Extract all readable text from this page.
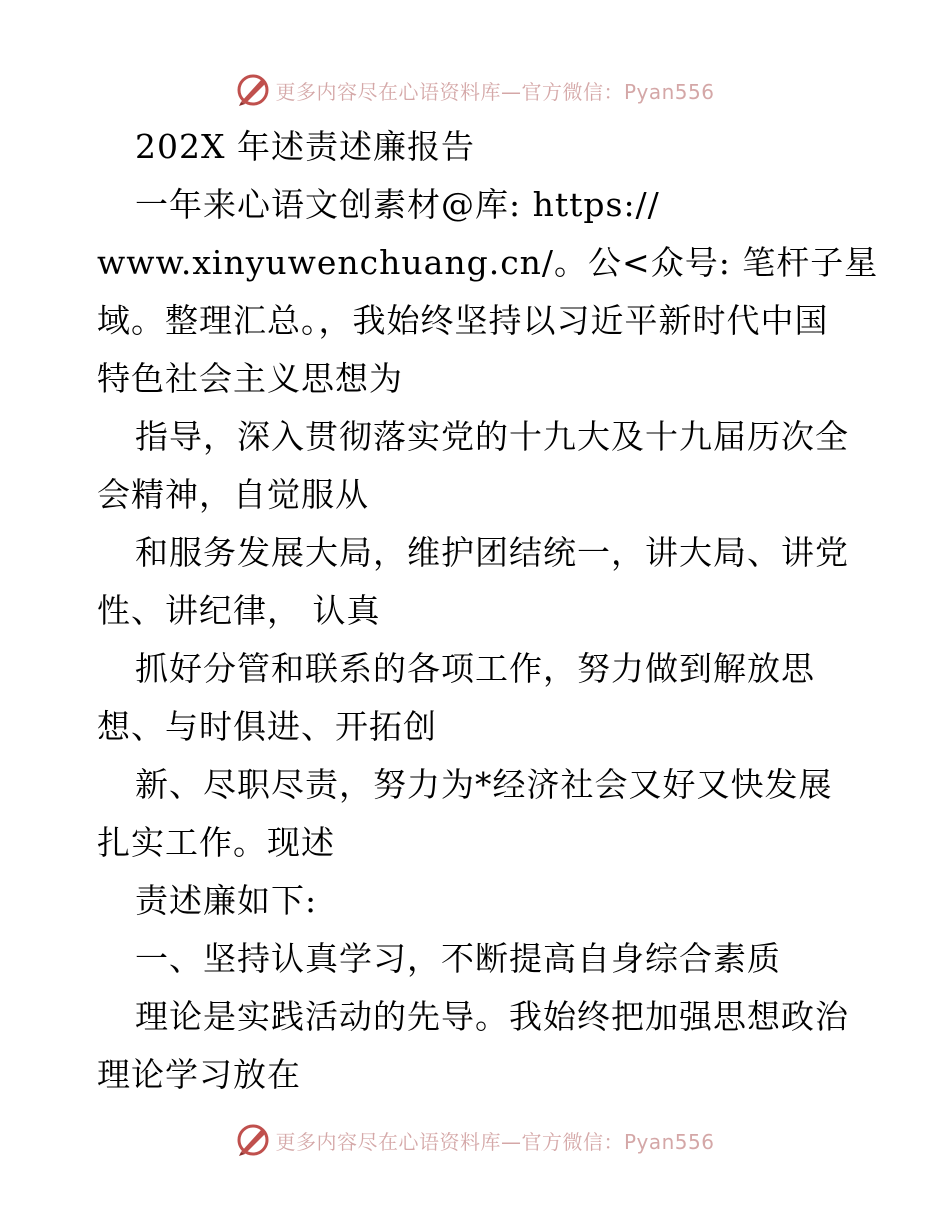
更多内容尽在心语资料库—官方微信：Pyan556
202X 年述责述廉报告
一年来心语文创素材@库: https://
www.xinyuwenchuang.cn/。公<众号: 笔杆子星
域。整理汇总。，我始终坚持以习近平新时代中国
特色社会主义思想为
指导，深入贯彻落实党的十九大及十九届历次全
会精神，自觉服从
和服务发展大局，维护团结统一，讲大局、讲党
性、讲纪律， 认真
抓好分管和联系的各项工作，努力做到解放思
想、与时俱进、开拓创
新、尽职尽责，努力为*经济社会又好又快发展
扎实工作。现述
责述廉如下:
一、坚持认真学习，不断提高自身综合素质
理论是实践活动的先导。我始终把加强思想政治
理论学习放在
更多内容尽在心语资料库—官方微信：Pyan556
